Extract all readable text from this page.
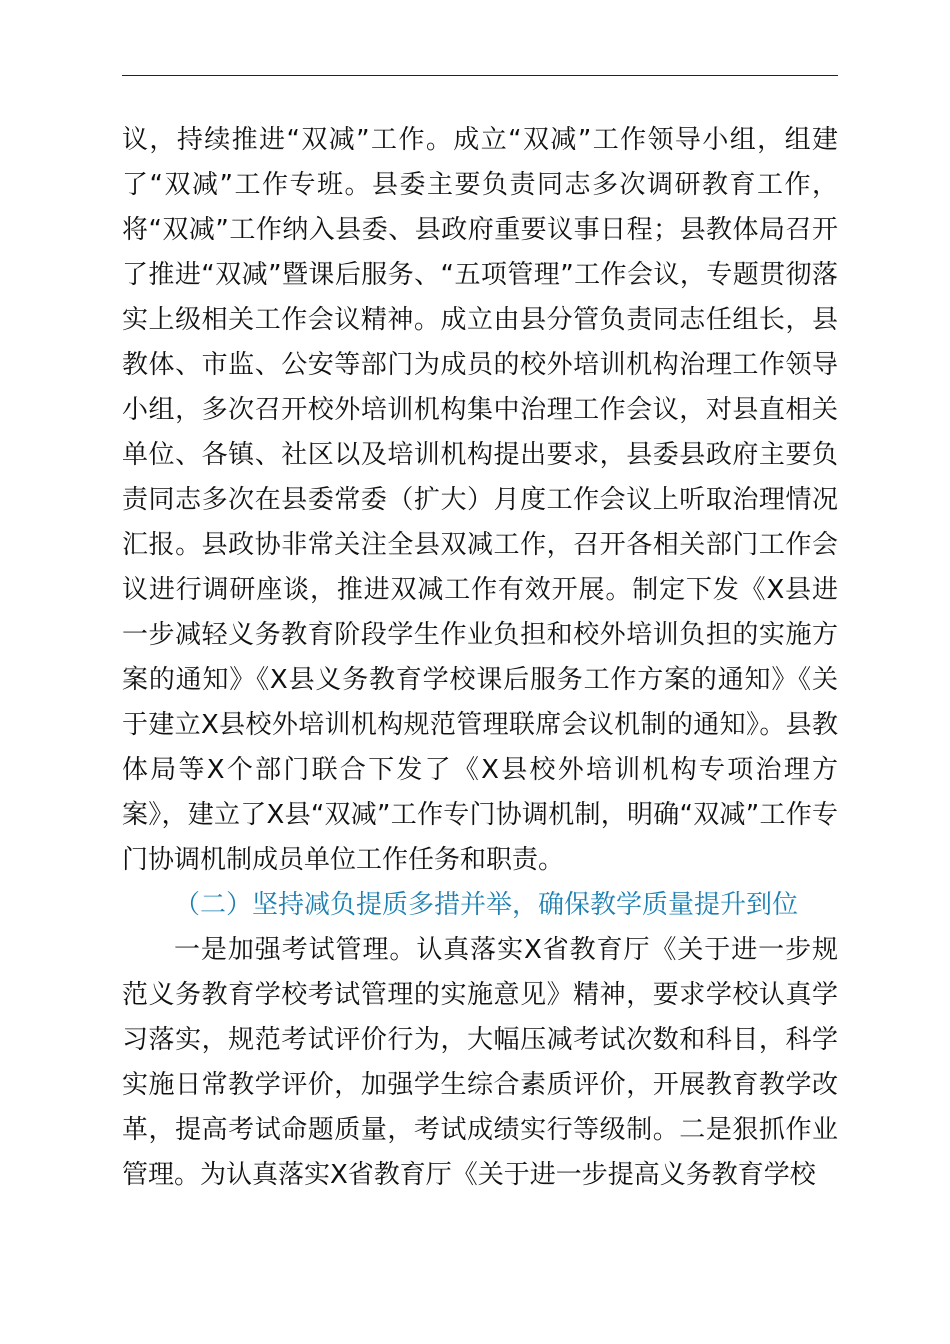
议，持续推进“双减”工作。成立“双减”工作领导小组，组建了“双减”工作专班。县委主要负责同志多次调研教育工作，将“双减”工作纳入县委、县政府重要议事日程；县教体局召开了推进“双减”暨课后服务、“五项管理”工作会议，专题贯彻落实上级相关工作会议精神。成立由县分管负责同志任组长，县教体、市监、公安等部门为成员的校外培训机构治理工作领导小组，多次召开校外培训机构集中治理工作会议，对县直相关单位、各镇、社区以及培训机构提出要求，县委县政府主要负责同志多次在县委常委（扩大）月度工作会议上听取治理情况汇报。县政协非常关注全县双减工作，召开各相关部门工作会议进行调研座谈，推进双减工作有效开展。制定下发《X县进一步减轻义务教育阶段学生作业负担和校外培训负担的实施方案的通知》《X县义务教育学校课后服务工作方案的通知》《关于建立X县校外培训机构规范管理联席会议机制的通知》。县教体局等X个部门联合下发了《X县校外培训机构专项治理方案》，建立了X县“双减”工作专门协调机制，明确“双减”工作专门协调机制成员单位工作任务和职责。

（二）坚持减负提质多措并举，确保教学质量提升到位

一是加强考试管理。认真落实X省教育厅《关于进一步规范义务教育学校考试管理的实施意见》精神，要求学校认真学习落实，规范考试评价行为，大幅压减考试次数和科目，科学实施日常教学评价，加强学生综合素质评价，开展教育教学改革，提高考试命题质量，考试成绩实行等级制。二是狠抓作业管理。为认真落实X省教育厅《关于进一步提高义务教育学校
